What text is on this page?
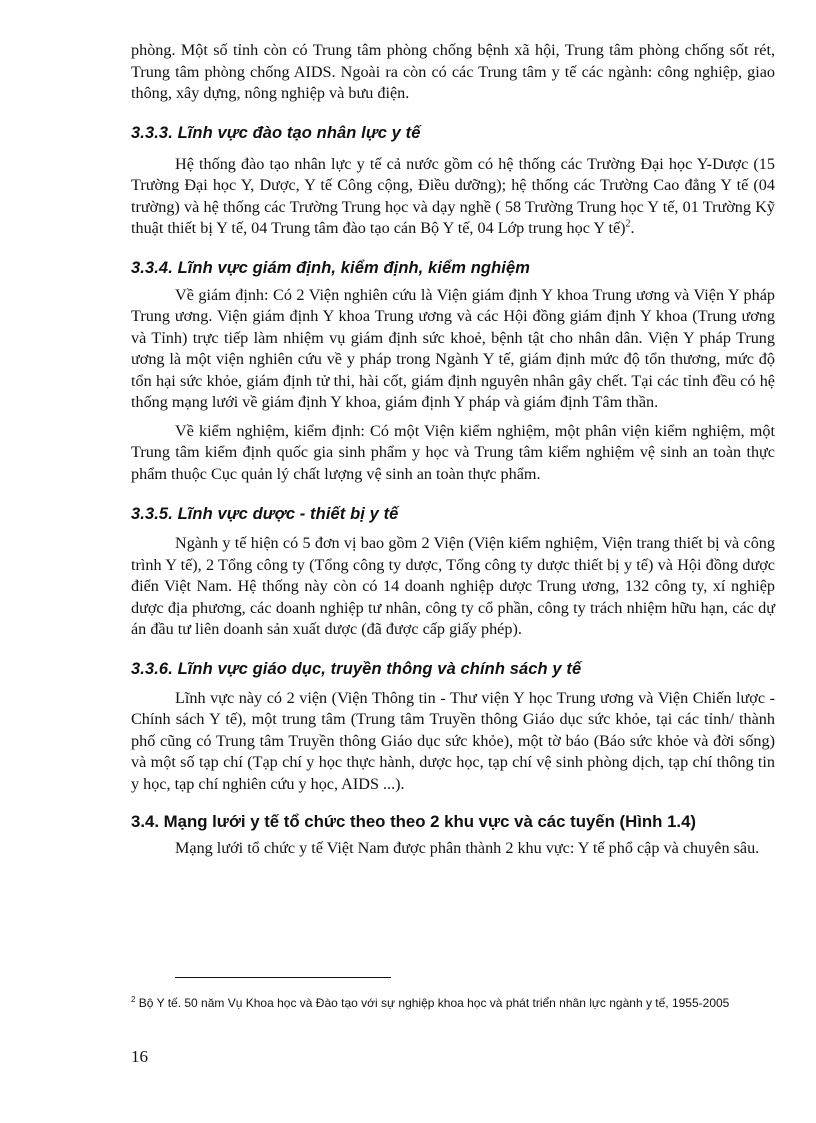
phòng. Một số tỉnh còn có Trung tâm phòng chống bệnh xã hội, Trung tâm phòng chống sốt rét, Trung tâm phòng chống AIDS. Ngoài ra còn có các Trung tâm y tế các ngành: công nghiệp, giao thông, xây dựng, nông nghiệp và bưu điện.

3.3.3. Lĩnh vực đào tạo nhân lực y tế

Hệ thống đào tạo nhân lực y tế cả nước gồm có hệ thống các Trường Đại học Y-Dược (15 Trường Đại học Y, Dược, Y tế Công cộng, Điều dưỡng); hệ thống các Trường Cao đẳng Y tế (04 trường) và hệ thống các Trường Trung học và dạy nghề ( 58 Trường Trung học Y tế, 01 Trường Kỹ thuật thiết bị Y tế, 04 Trung tâm đào tạo cán Bộ Y tế, 04 Lớp trung học Y tế)$^2$.

3.3.4. Lĩnh vực giám định, kiểm định, kiểm nghiệm

Về giám định: Có 2 Viện nghiên cứu là Viện giám định Y khoa Trung ương và Viện Y pháp Trung ương. Viện giám định Y khoa Trung ương và các Hội đồng giám định Y khoa (Trung ương và Tỉnh) trực tiếp làm nhiệm vụ giám định sức khoẻ, bệnh tật cho nhân dân. Viện Y pháp Trung ương là một viện nghiên cứu về y pháp trong Ngành Y tế, giám định mức độ tổn thương, mức độ tổn hại sức khỏe, giám định tử thi, hài cốt, giám định nguyên nhân gây chết. Tại các tỉnh đều có hệ thống mạng lưới về giám định Y khoa, giám định Y pháp và giám định Tâm thần.

Về kiểm nghiệm, kiểm định: Có một Viện kiểm nghiệm, một phân viện kiểm nghiệm, một Trung tâm kiểm định quốc gia sinh phẩm y học và Trung tâm kiểm nghiệm vệ sinh an toàn thực phẩm thuộc Cục quản lý chất lượng vệ sinh an toàn thực phẩm.

3.3.5. Lĩnh vực dược - thiết bị y tế

Ngành y tế hiện có 5 đơn vị bao gồm 2 Viện (Viện kiểm nghiệm, Viện trang thiết bị và công trình Y tế), 2 Tổng công ty (Tổng công ty dược, Tổng công ty dược thiết bị y tế) và Hội đồng dược điển Việt Nam. Hệ thống này còn có 14 doanh nghiệp dược Trung ương, 132 công ty, xí nghiệp dược địa phương, các doanh nghiệp tư nhân, công ty cổ phần, công ty trách nhiệm hữu hạn, các dự án đầu tư liên doanh sản xuất dược (đã được cấp giấy phép).

3.3.6. Lĩnh vực giáo dục, truyền thông và chính sách y tế

Lĩnh vực này có 2 viện (Viện Thông tin - Thư viện Y học Trung ương và Viện Chiến lược - Chính sách Y tế), một trung tâm (Trung tâm Truyền thông Giáo dục sức khỏe, tại các tỉnh/ thành phố cũng có Trung tâm Truyền thông Giáo dục sức khỏe), một tờ báo (Báo sức khỏe và đời sống) và một số tạp chí (Tạp chí y học thực hành, dược học, tạp chí vệ sinh phòng dịch, tạp chí thông tin y học, tạp chí nghiên cứu y học, AIDS ...).

3.4. Mạng lưới y tế tổ chức theo theo 2 khu vực và các tuyến (Hình 1.4)

Mạng lưới tổ chức y tế Việt Nam được phân thành 2 khu vực: Y tế phổ cập và chuyên sâu.

$^2$ Bộ Y tế. 50 năm Vụ Khoa học và Đào tạo với sự nghiệp khoa học và phát triển nhân lực ngành y tế, 1955-2005
16
